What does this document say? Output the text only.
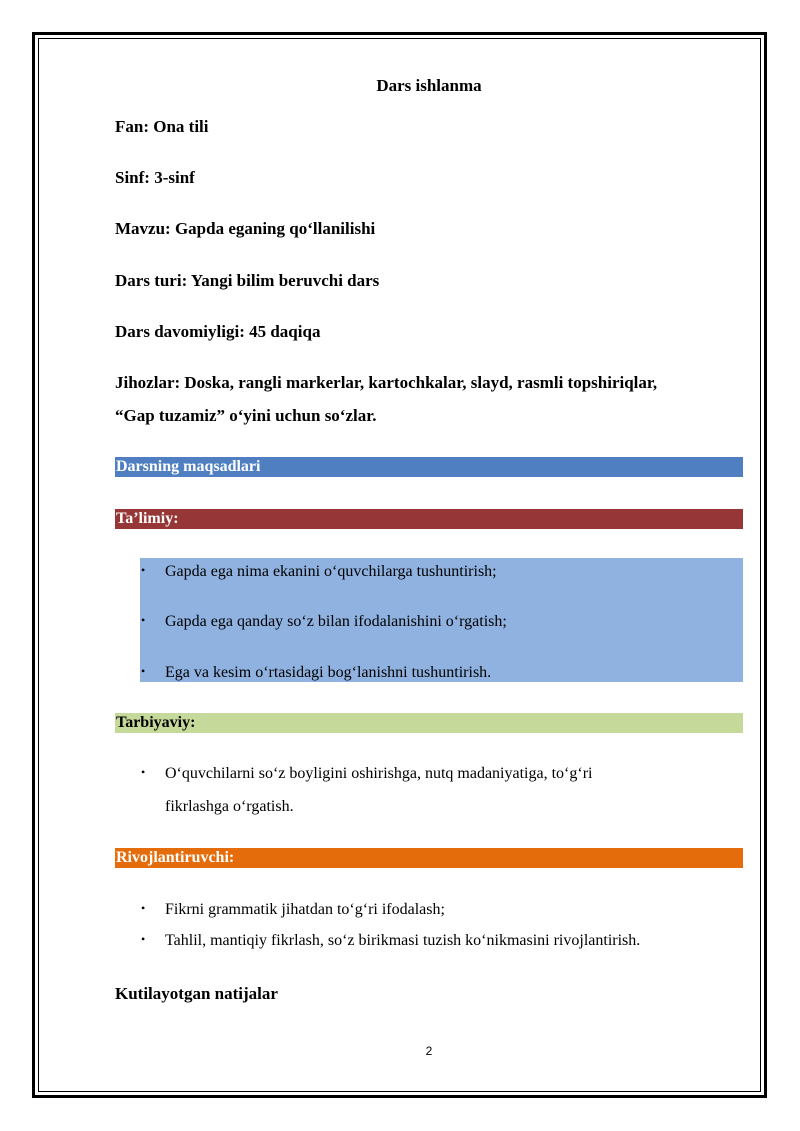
Dars ishlanma
Fan: Ona tili
Sinf: 3-sinf
Mavzu: Gapda eganing qo‘llanilishi
Dars turi: Yangi bilim beruvchi dars
Dars davomiyligi: 45 daqiqa
Jihozlar: Doska, rangli markerlar, kartochkalar, slayd, rasmli topshiriqlar,
“Gap tuzamiz” o‘yini uchun so‘zlar.
Darsning maqsadlari
Ta’limiy:
• Gapda ega nima ekanini o‘quvchilarga tushuntirish;
• Gapda ega qanday so‘z bilan ifodalanishini o‘rgatish;
• Ega va kesim o‘rtasidagi bog‘lanishni tushuntirish.
Tarbiyaviy:
• O‘quvchilarni so‘z boyligini oshirishga, nutq madaniyatiga, to‘g‘ri
fikrlashga o‘rgatish.
Rivojlantiruvchi:
• Fikrni grammatik jihatdan to‘g‘ri ifodalash;
• Tahlil, mantiqiy fikrlash, so‘z birikmasi tuzish ko‘nikmasini rivojlantirish.
Kutilayotgan natijalar
2
